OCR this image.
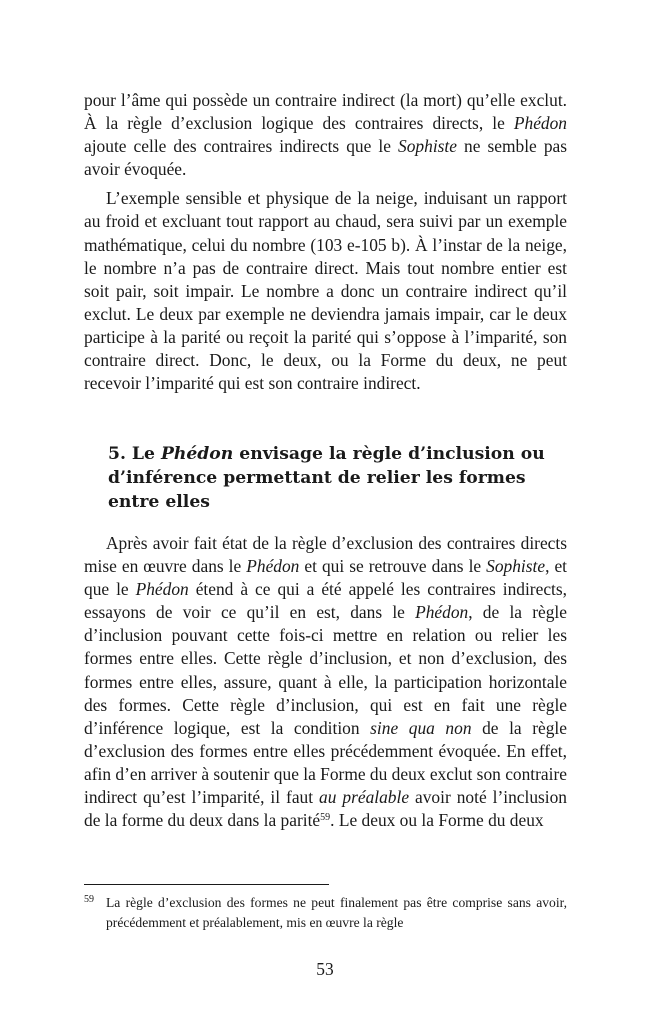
pour l’âme qui possède un contraire indirect (la mort) qu’elle exclut. À la règle d’exclusion logique des contraires directs, le Phédon ajoute celle des contraires indirects que le Sophiste ne semble pas avoir évoquée.

L’exemple sensible et physique de la neige, induisant un rapport au froid et excluant tout rapport au chaud, sera suivi par un exemple mathématique, celui du nombre (103 e-105 b). À l’instar de la neige, le nombre n’a pas de contraire direct. Mais tout nombre entier est soit pair, soit impair. Le nombre a donc un contraire indirect qu’il exclut. Le deux par exemple ne deviendra jamais impair, car le deux participe à la parité ou reçoit la parité qui s’oppose à l’imparité, son contraire direct. Donc, le deux, ou la Forme du deux, ne peut recevoir l’imparité qui est son contraire indirect.

5. Le Phédon envisage la règle d’inclusion ou d’inférence permettant de relier les formes entre elles

Après avoir fait état de la règle d’exclusion des contraires directs mise en œuvre dans le Phédon et qui se retrouve dans le Sophiste, et que le Phédon étend à ce qui a été appelé les contraires indirects, essayons de voir ce qu’il en est, dans le Phédon, de la règle d’inclusion pouvant cette fois-ci mettre en relation ou relier les formes entre elles. Cette règle d’inclusion, et non d’exclusion, des formes entre elles, assure, quant à elle, la participation horizontale des formes. Cette règle d’inclusion, qui est en fait une règle d’inférence logique, est la condition sine qua non de la règle d’exclusion des formes entre elles précédemment évoquée. En effet, afin d’en arriver à soutenir que la Forme du deux exclut son contraire indirect qu’est l’imparité, il faut au préalable avoir noté l’inclusion de la forme du deux dans la parité$^{59}$. Le deux ou la Forme du deux

59 La règle d’exclusion des formes ne peut finalement pas être comprise sans avoir, précédemment et préalablement, mis en œuvre la règle
53
